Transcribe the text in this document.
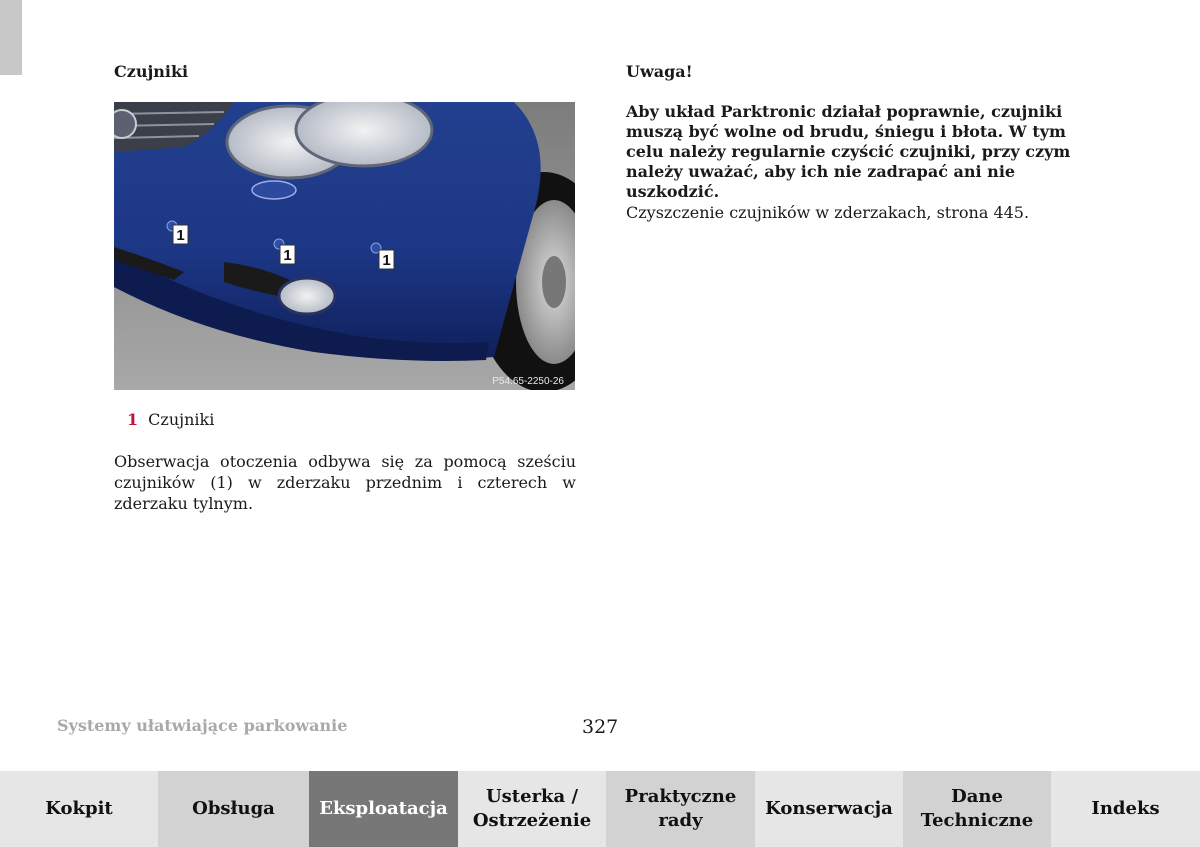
Czujniki	Uwaga!
1
1	1
P54.65-2250-26
1 Czujniki
Obserwacja otoczenia odbywa się za pomocą sześciu czujników (1) w zderzaku przednim i czterech w zderzaku tylnym.
Aby układ Parktronic działał poprawnie, czujniki muszą być wolne od brudu, śniegu i błota. W tym celu należy regularnie czyścić czujniki, przy czym należy uważać, aby ich nie zadrapać ani nie uszkodzić.
Czyszczenie czujników w zderzakach, strona 445.
Systemy ułatwiające parkowanie	327
Kokpit	Obsługa	Eksploatacja
Usterka /
Ostrzeżenie
Praktyczne
rady
Konserwacja
Dane
Techniczne
Indeks
